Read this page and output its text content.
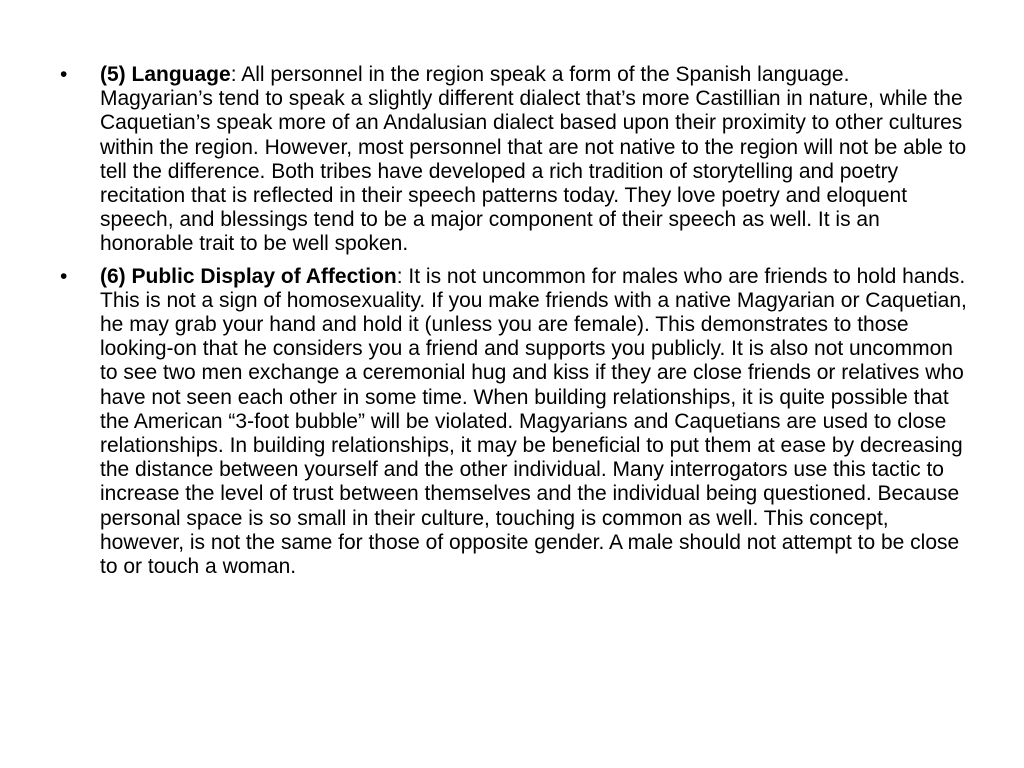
• (5) Language: All personnel in the region speak a form of the Spanish language. Magyarian’s tend to speak a slightly different dialect that’s more Castillian in nature, while the Caquetian’s speak more of an Andalusian dialect based upon their proximity to other cultures within the region. However, most personnel that are not native to the region will not be able to tell the difference. Both tribes have developed a rich tradition of storytelling and poetry recitation that is reflected in their speech patterns today. They love poetry and eloquent speech, and blessings tend to be a major component of their speech as well. It is an honorable trait to be well spoken.
• (6) Public Display of Affection: It is not uncommon for males who are friends to hold hands. This is not a sign of homosexuality. If you make friends with a native Magyarian or Caquetian, he may grab your hand and hold it (unless you are female). This demonstrates to those looking-on that he considers you a friend and supports you publicly. It is also not uncommon to see two men exchange a ceremonial hug and kiss if they are close friends or relatives who have not seen each other in some time. When building relationships, it is quite possible that the American “3-foot bubble” will be violated. Magyarians and Caquetians are used to close relationships. In building relationships, it may be beneficial to put them at ease by decreasing the distance between yourself and the other individual. Many interrogators use this tactic to increase the level of trust between themselves and the individual being questioned. Because personal space is so small in their culture, touching is common as well. This concept, however, is not the same for those of opposite gender. A male should not attempt to be close to or touch a woman.
